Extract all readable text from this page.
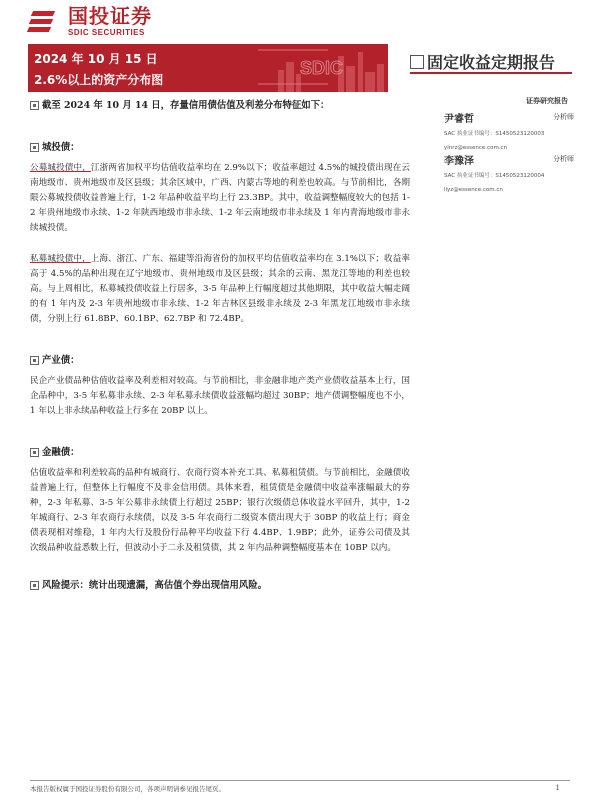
国投证券
SDIC SECURITIES
2024 年 10 月 15 日
2.6%以上的资产分布图
SDIC	固定收益定期报告
证券研究报告
尹睿哲	分析师
SAC 执业证书编号：S1450523120003
yinrz@essence.com.cn
李豫泽	分析师
SAC 执业证书编号：S1450523120004
liyz@essence.com.cn
截至 2024 年 10 月 14 日，存量信用债估值及利差分布特征如下：
城投债：

公募城投债中，江浙两省加权平均估值收益率均在 2.9%以下；收益率超过 4.5%的城投债出现在云南地级市、贵州地级市及区县级；其余区域中，广西、内蒙古等地的利差也较高。与节前相比，各期限公募城投债收益普遍上行，1-2 年品种收益平均上行 23.3BP。其中，收益调整幅度较大的包括 1-2 年贵州地级市永续、1-2 年陕西地级市非永续、1-2 年云南地级市非永续及 1 年内青海地级市非永续城投债。

私募城投债中，上海、浙江、广东、福建等沿海省份的加权平均估值收益率均在 3.1%以下；收益率高于 4.5%的品种出现在辽宁地级市、贵州地级市及区县级；其余的云南、黑龙江等地的利差也较高。与上周相比，私募城投债收益上行居多，3-5 年品种上行幅度超过其他期限，其中收益大幅走阔的有 1 年内及 2-3 年贵州地级市非永续、1-2 年吉林区县级非永续及 2-3 年黑龙江地级市非永续债，分别上行 61.8BP、60.1BP、62.7BP 和 72.4BP。

产业债：

民企产业债品种估值收益率及利差相对较高。与节前相比，非金融非地产类产业债收益基本上行，国企品种中，3-5 年私募非永续、2-3 年私募永续债收益涨幅均超过 30BP；地产债调整幅度也不小，1 年以上非永续品种收益上行多在 20BP 以上。

金融债：

估值收益率和利差较高的品种有城商行、农商行资本补充工具、私募租赁债。与节前相比，金融债收益普遍上行，但整体上行幅度不及非金信用债。具体来看，租赁债是金融债中收益率涨幅最大的券种，2-3 年私募、3-5 年公募非永续债上行超过 25BP；银行次级债总体收益水平回升，其中，1-2 年城商行、2-3 年农商行永续债，以及 3-5 年农商行二级资本债出现大于 30BP 的收益上行；商金债表现相对维稳，1 年内大行及股份行品种平均收益下行 4.4BP、1.9BP；此外，证券公司债及其次级品种收益悉数上行，但波动小于二永及租赁债，其 2 年内品种调整幅度基本在 10BP 以内。

风险提示：统计出现遗漏，高估值个券出现信用风险。
本报告版权属于国投证券股份有限公司，各项声明请参见报告尾页。	1
